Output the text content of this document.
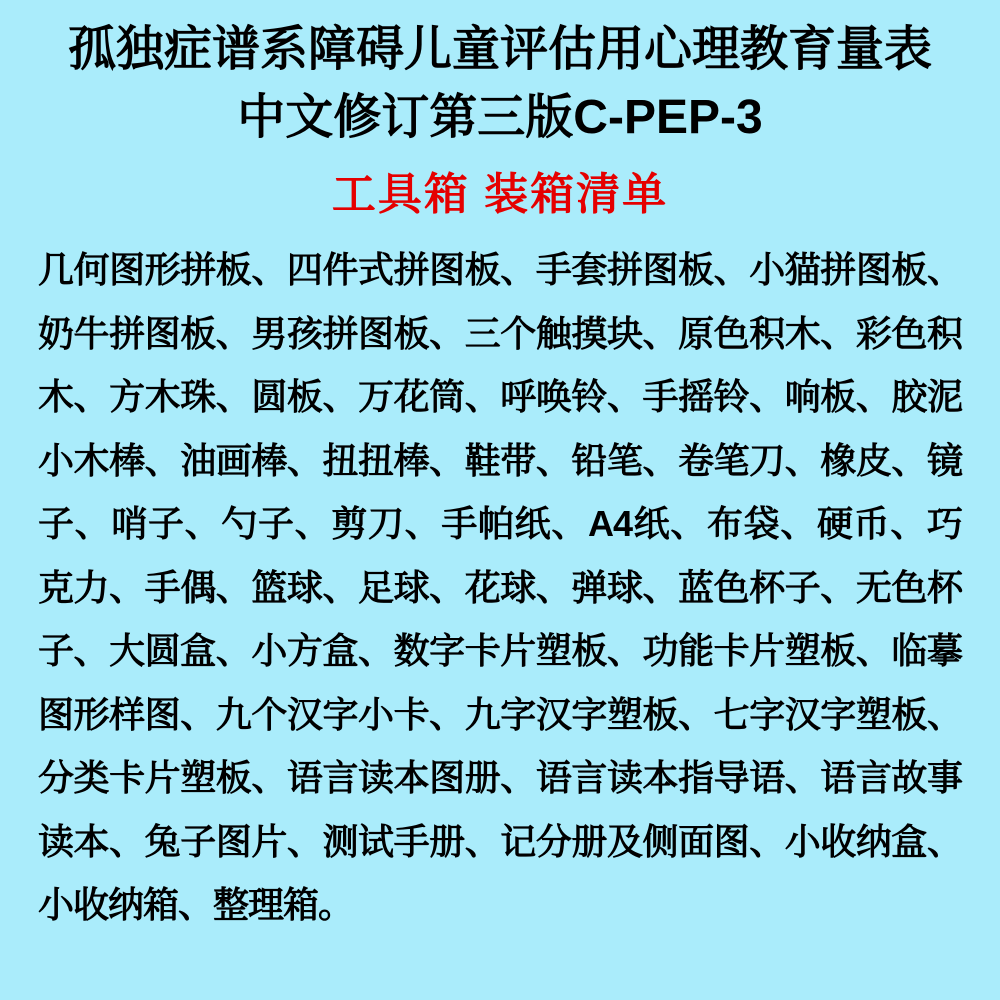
孤独症谱系障碍儿童评估用心理教育量表
中文修订第三版C-PEP-3
工具箱 装箱清单
几何图形拼板、四件式拼图板、手套拼图板、小猫拼图板、
奶牛拼图板、男孩拼图板、三个触摸块、原色积木、彩色积
木、方木珠、圆板、万花筒、呼唤铃、手摇铃、响板、胶泥
小木棒、油画棒、扭扭棒、鞋带、铅笔、卷笔刀、橡皮、镜
子、哨子、勺子、剪刀、手帕纸、A4纸、布袋、硬币、巧
克力、手偶、篮球、足球、花球、弹球、蓝色杯子、无色杯
子、大圆盒、小方盒、数字卡片塑板、功能卡片塑板、临摹
图形样图、九个汉字小卡、九字汉字塑板、七字汉字塑板、
分类卡片塑板、语言读本图册、语言读本指导语、语言故事
读本、兔子图片、测试手册、记分册及侧面图、小收纳盒、
小收纳箱、整理箱。
